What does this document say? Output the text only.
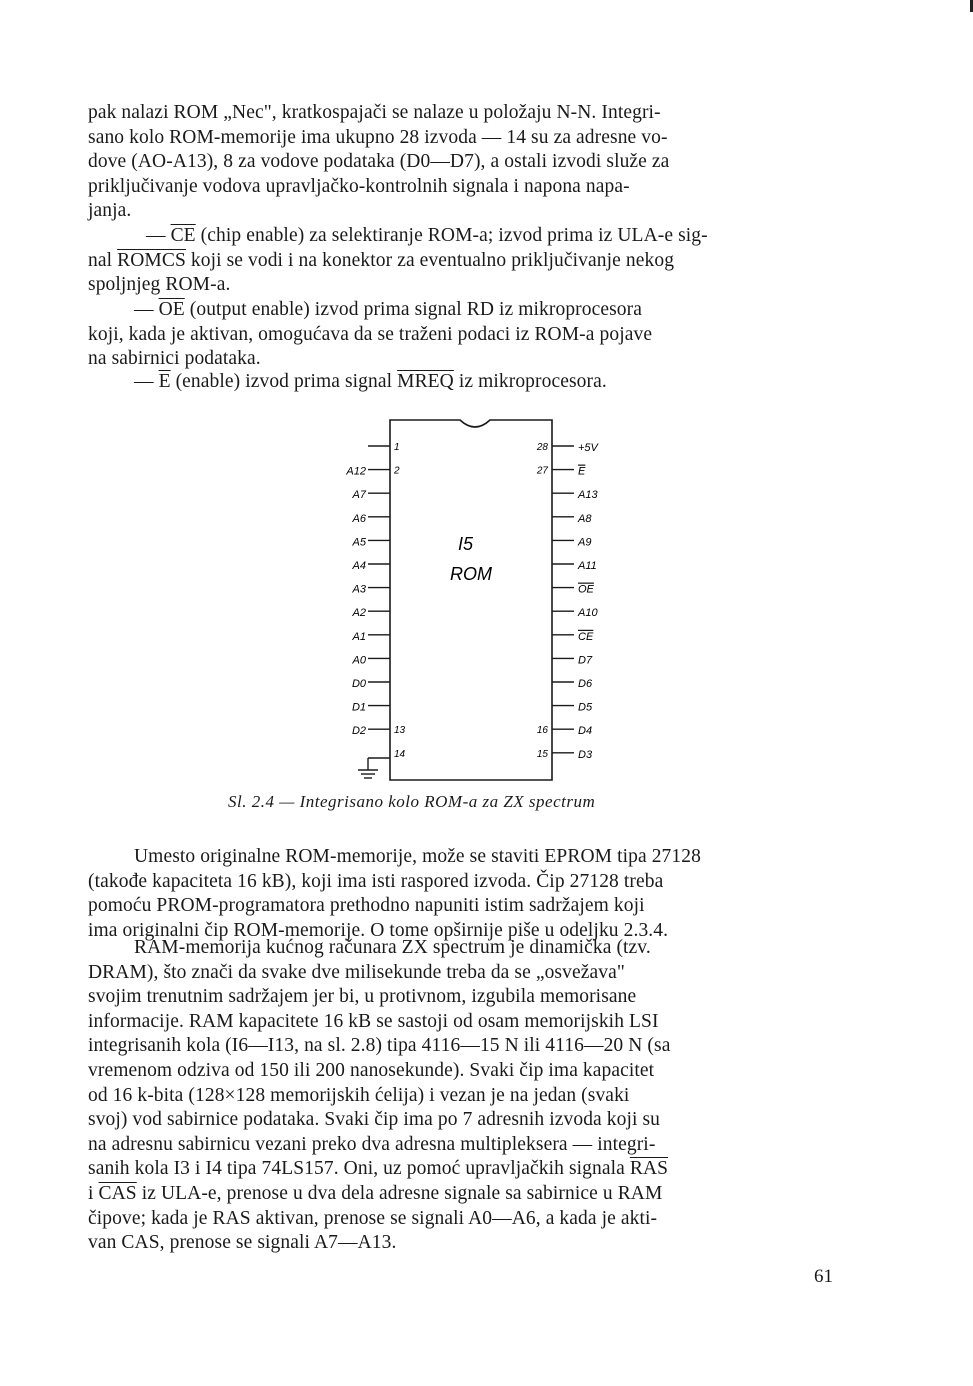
pak nalazi ROM „Nec", kratkospajači se nalaze u položaju N-N. Integri-
sano kolo ROM-memorije ima ukupno 28 izvoda — 14 su za adresne vo-
dove (AO-A13), 8 za vodove podataka (D0—D7), a ostali izvodi služe za
priključivanje vodova upravljačko-kontrolnih signala i napona napa-
janja.
— $\overline{CE}$ (chip enable) za selektiranje ROM-a; izvod prima iz ULA-e sig-
nal ROMCS koji se vodi i na konektor za eventualno priključivanje nekog
spoljnjeg ROM-a.
— $\overline{OE}$ (output enable) izvod prima signal RD iz mikroprocesora
koji, kada je aktivan, omogućava da se traženi podaci iz ROM-a pojave
na sabirnici podataka.
— $\overline{E}$ (enable) izvod prima signal MREQ iz mikroprocesora.
I5
ROM
1
A12	2
A7
A6
A5
A4
A3
A2
A1
A0
D0
D1
D2	13
14
+5V
28
E
27
A13
A8
A9
A11
OE
A10
CE
D7
D6
D5
D4
16
D3
15
Sl. 2.4 — Integrisano kolo ROM-a za ZX spectrum
Umesto originalne ROM-memorije, može se staviti EPROM tipa 27128
(takođe kapaciteta 16 kB), koji ima isti raspored izvoda. Čip 27128 treba
pomoću PROM-programatora prethodno napuniti istim sadržajem koji
ima originalni čip ROM-memorije. O tome opširnije piše u odeljku 2.3.4.
RAM-memorija kućnog računara ZX spectrum je dinamička (tzv.
DRAM), što znači da svake dve milisekunde treba da se „osvežava"
svojim trenutnim sadržajem jer bi, u protivnom, izgubila memorisane
informacije. RAM kapacitete 16 kB se sastoji od osam memorijskih LSI
integrisanih kola (I6—I13, na sl. 2.8) tipa 4116—15 N ili 4116—20 N (sa
vremenom odziva od 150 ili 200 nanosekunde). Svaki čip ima kapacitet
od 16 k-bita (128×128 memorijskih ćelija) i vezan je na jedan (svaki
svoj) vod sabirnice podataka. Svaki čip ima po 7 adresnih izvoda koji su
na adresnu sabirnicu vezani preko dva adresna multipleksera — integri-
sanih kola I3 i I4 tipa 74LS157. Oni, uz pomoć upravljačkih signala $\overline{RAS}$
i $\overline{CAS}$ iz ULA-e, prenose u dva dela adresne signale sa sabirnice u RAM
čipove; kada je RAS aktivan, prenose se signali A0—A6, a kada je akti-
van CAS, prenose se signali A7—A13.
61
